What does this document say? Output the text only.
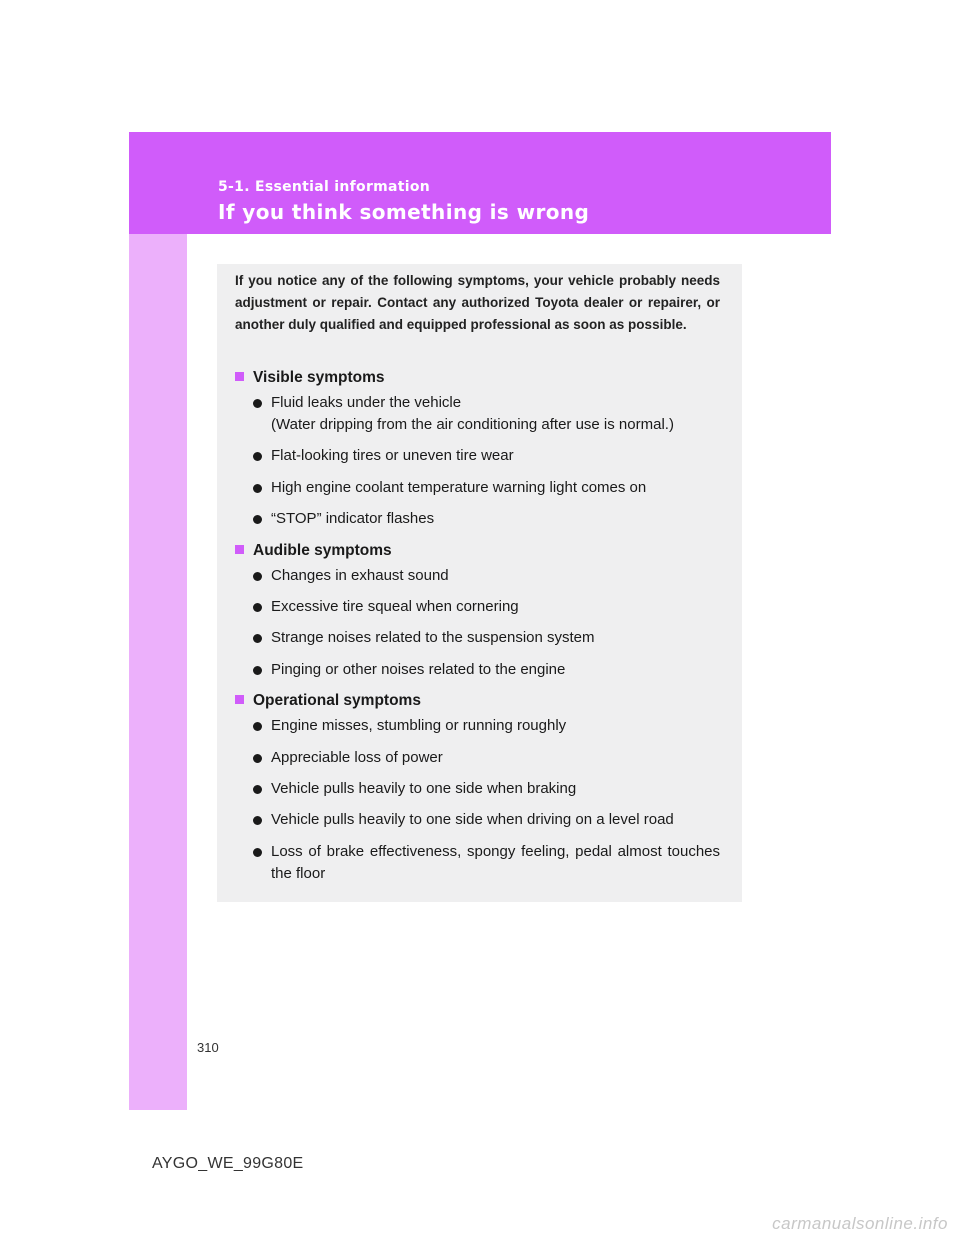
5-1. Essential information
If you think something is wrong
If you notice any of the following symptoms, your vehicle probably needs adjustment or repair. Contact any authorized Toyota dealer or repairer, or another duly qualified and equipped professional as soon as possible.
Visible symptoms
Fluid leaks under the vehicle
(Water dripping from the air conditioning after use is normal.)
Flat-looking tires or uneven tire wear
High engine coolant temperature warning light comes on
“STOP” indicator flashes
Audible symptoms
Changes in exhaust sound
Excessive tire squeal when cornering
Strange noises related to the suspension system
Pinging or other noises related to the engine
Operational symptoms
Engine misses, stumbling or running roughly
Appreciable loss of power
Vehicle pulls heavily to one side when braking
Vehicle pulls heavily to one side when driving on a level road
Loss of brake effectiveness, spongy feeling, pedal almost touches the floor
310
AYGO_WE_99G80E
carmanualsonline.info
